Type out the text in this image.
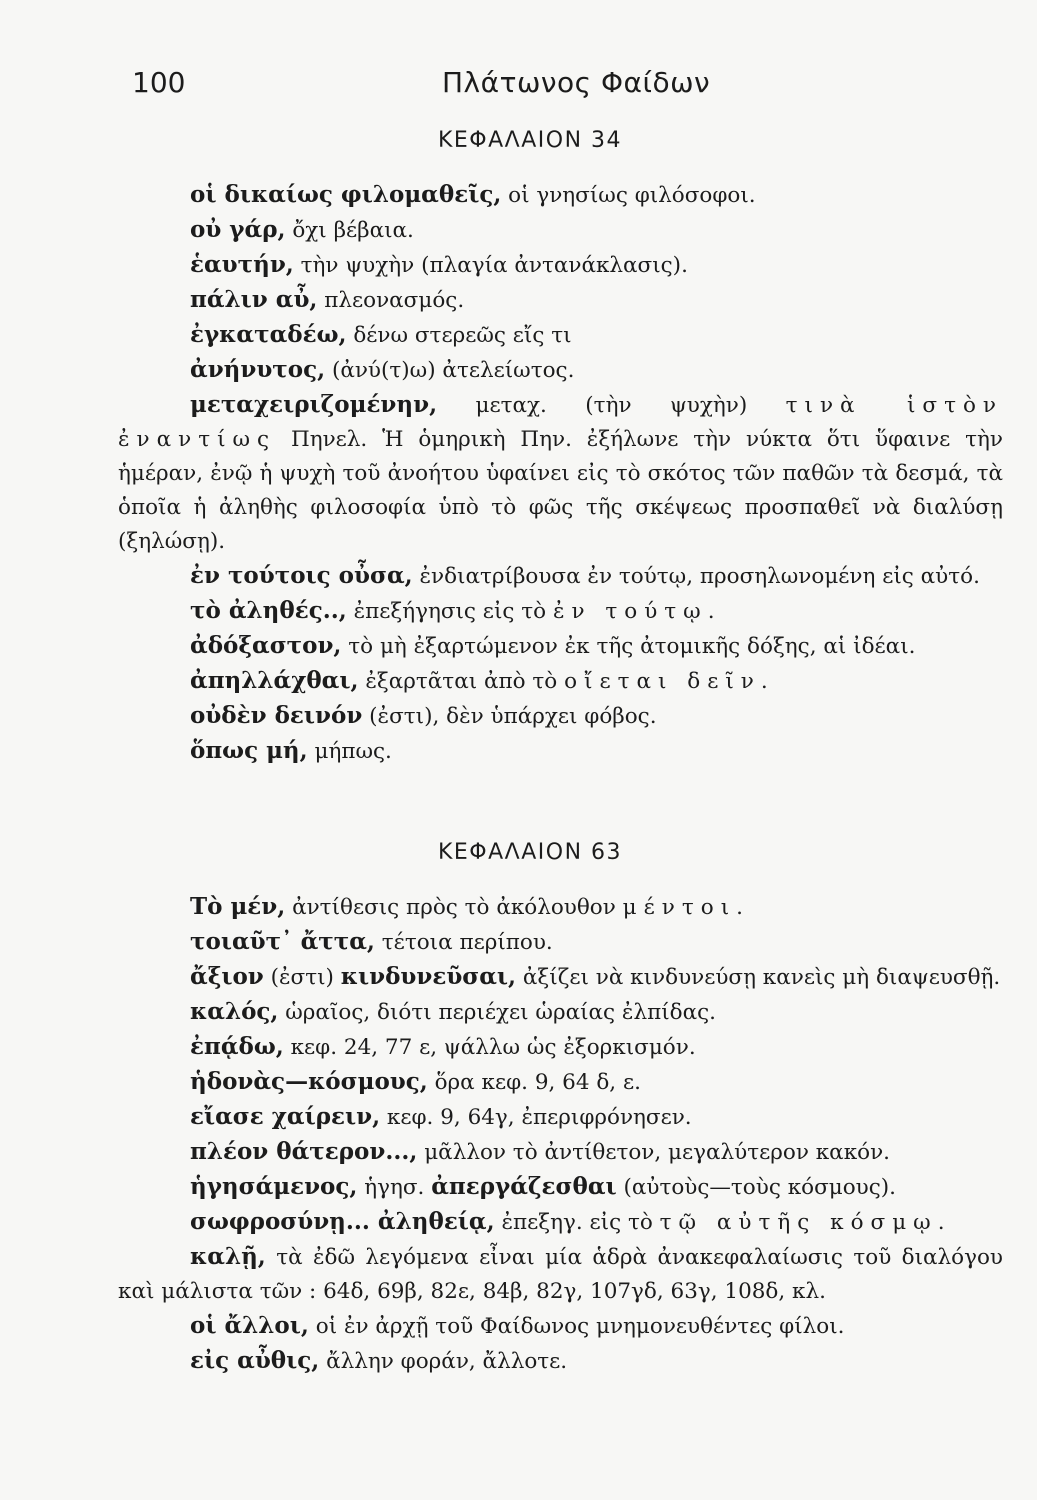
100	Πλάτωνος Φαίδων
ΚΕΦΑΛΑΙΟΝ 34

οἱ δικαίως φιλομαθεῖς, οἱ γνησίως φιλόσοφοι.

οὐ γάρ, ὄχι βέβαια.

ἑαυτήν, τὴν ψυχὴν (πλαγία ἀντανάκλασις).

πάλιν αὖ, πλεονασμός.

ἐγκαταδέω, δένω στερεῶς εἴς τι

ἀνήνυτος, (ἀνύ(τ)ω) ἀτελείωτος.

μεταχειριζομένην, μεταχ. (τὴν ψυχὴν) τινὰ ἱστὸν ἐναντίως Πηνελ. Ἡ ὁμηρικὴ Πην. ἐξήλωνε τὴν νύκτα ὅτι ὕφαινε τὴν ἡμέραν, ἐνῷ ἡ ψυχὴ τοῦ ἀνοήτου ὑφαίνει εἰς τὸ σκότος τῶν παθῶν τὰ δεσμά, τὰ ὁποῖα ἡ ἀληθὴς φιλοσοφία ὑπὸ τὸ φῶς τῆς σκέψεως προσπαθεῖ νὰ διαλύσῃ (ξηλώσῃ).

ἐν τούτοις οὖσα, ἐνδιατρίβουσα ἐν τούτῳ, προσηλωνομένη εἰς αὐτό.

τὸ ἀληθές.., ἐπεξήγησις εἰς τὸ ἐν τούτῳ.

ἀδόξαστον, τὸ μὴ ἐξαρτώμενον ἐκ τῆς ἀτομικῆς δόξης, αἱ ἰδέαι.

ἀπηλλάχθαι, ἐξαρτᾶται ἀπὸ τὸ οἴεται δεῖν.

οὐδὲν δεινόν (ἐστι), δὲν ὑπάρχει φόβος.

ὅπως μή, μήπως.

ΚΕΦΑΛΑΙΟΝ 63

Τὸ μέν, ἀντίθεσις πρὸς τὸ ἀκόλουθον μέντοι.

τοιαῦτ᾽ ἄττα, τέτοια περίπου.

ἄξιον (ἐστι) κινδυνεῦσαι, ἀξίζει νὰ κινδυνεύσῃ κανεὶς μὴ διαψευσθῇ.

καλός, ὡραῖος, διότι περιέχει ὡραίας ἐλπίδας.

ἐπᾴδω, κεφ. 24, 77 ε, ψάλλω ὡς ἐξορκισμόν.

ἡδονὰς—κόσμους, ὅρα κεφ. 9, 64 δ, ε.

εἴασε χαίρειν, κεφ. 9, 64γ, ἐπεριφρόνησεν.

πλέον θάτερον..., μᾶλλον τὸ ἀντίθετον, μεγαλύτερον κακόν.

ἡγησάμενος, ἡγησ. ἀπεργάζεσθαι (αὐτοὺς—τοὺς κόσμους).

σωφροσύνῃ... ἀληθείᾳ, ἐπεξηγ. εἰς τὸ τῷ αὐτῆς κόσμῳ.

καλῇ, τὰ ἐδῶ λεγόμενα εἶναι μία ἁδρὰ ἀνακεφαλαίωσις τοῦ διαλόγου καὶ μάλιστα τῶν : 64δ, 69β, 82ε, 84β, 82γ, 107γδ, 63γ, 108δ, κλ.

οἱ ἄλλοι, οἱ ἐν ἀρχῇ τοῦ Φαίδωνος μνημονευθέντες φίλοι.

εἰς αὖθις, ἄλλην φοράν, ἄλλοτε.
